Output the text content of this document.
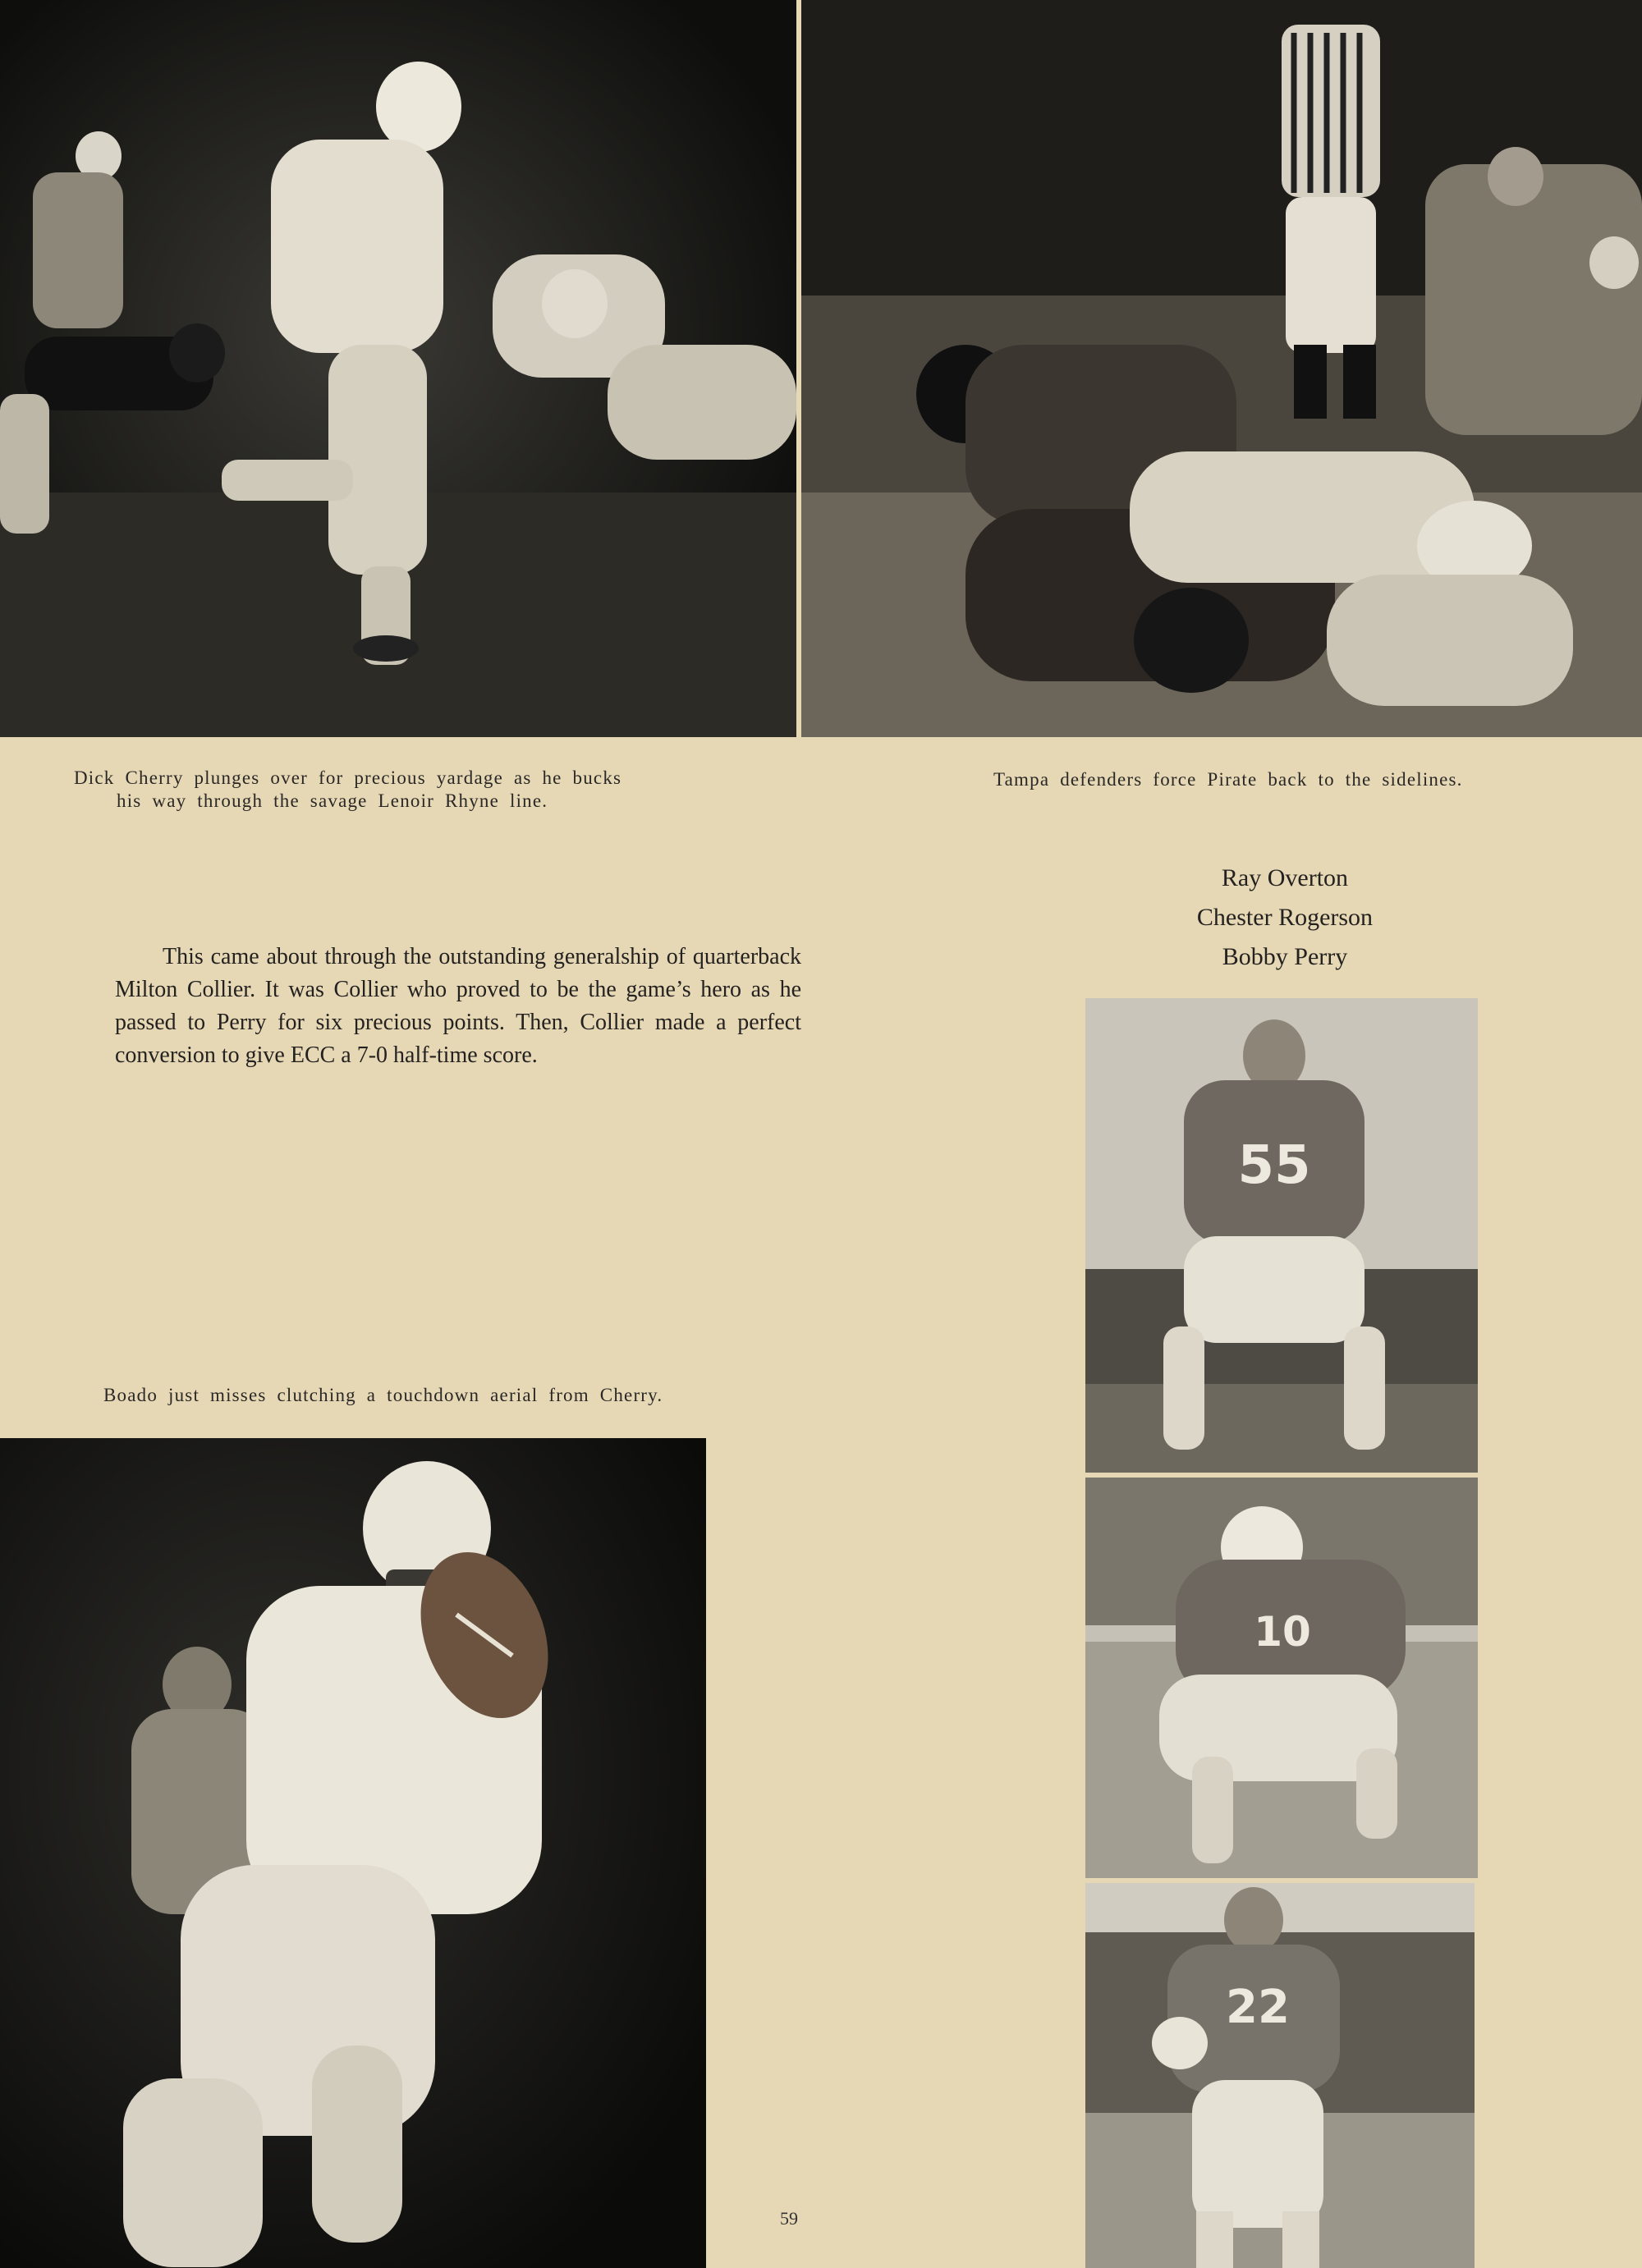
Dick Cherry plunges over for precious yardage as he bucks
his way through the savage Lenoir Rhyne line.
Tampa defenders force Pirate back to the sidelines.
Ray Overton
Chester Rogerson
Bobby Perry
This came about through the outstanding generalship of quarterback Milton Collier. It was Collier who proved to be the game’s hero as he passed to Perry for six precious points. Then, Collier made a perfect conversion to give ECC a 7-0 half-time score.
Boado just misses clutching a touchdown aerial from Cherry.
55
10
22
59
